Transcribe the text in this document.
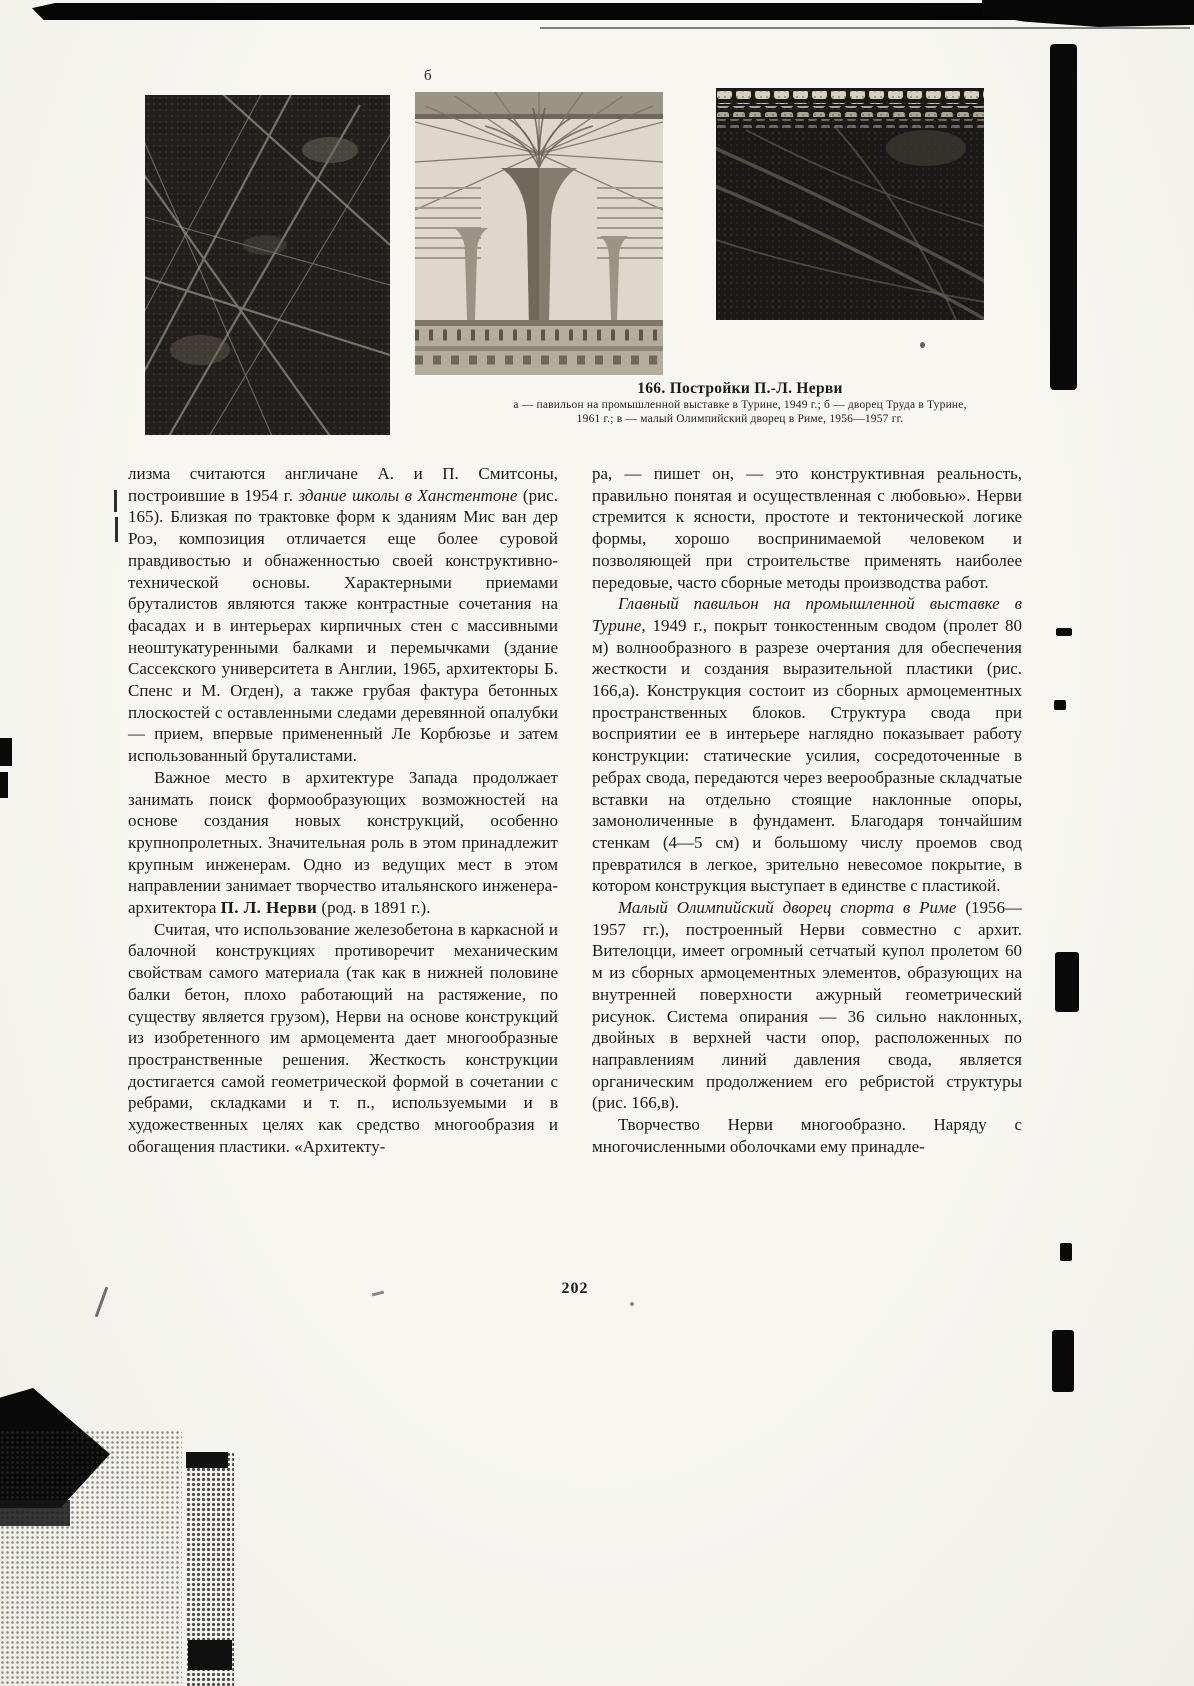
б
166. Постройки П.-Л. Нерви
а — павильон на промышленной выставке в Турине, 1949 г.; б — дворец Труда в Турине,
1961 г.; в — малый Олимпийский дворец в Риме, 1956—1957 гг.

лизма считаются англичане А. и П. Смитсоны, построившие в 1954 г. здание школы в Ханстентоне (рис. 165). Близкая по трактовке форм к зданиям Мис ван дер Роэ, композиция отличается еще более суровой правдивостью и обнаженностью своей конструктивно-технической основы. Характерными приемами бруталистов являются также контрастные сочетания на фасадах и в интерьерах кирпичных стен с массивными неоштукатуренными балками и перемычками (здание Сассекского университета в Англии, 1965, архитекторы Б. Спенс и М. Огден), а также грубая фактура бетонных плоскостей с оставленными следами деревянной опалубки — прием, впервые примененный Ле Корбюзье и затем использованный бруталистами.

Важное место в архитектуре Запада продолжает занимать поиск формообразующих возможностей на основе создания новых конструкций, особенно крупнопролетных. Значительная роль в этом принадлежит крупным инженерам. Одно из ведущих мест в этом направлении занимает творчество итальянского инженера-архитектора П. Л. Нерви (род. в 1891 г.).

Считая, что использование железобетона в каркасной и балочной конструкциях противоречит механическим свойствам самого материала (так как в нижней половине балки бетон, плохо работающий на растяжение, по существу является грузом), Нерви на основе конструкций из изобретенного им армоцемента дает многообразные пространственные решения. Жесткость конструкции достигается самой геометрической формой в сочетании с ребрами, складками и т. п., используемыми и в художественных целях как средство многообразия и обогащения пластики. «Архитекту-

ра, — пишет он, — это конструктивная реальность, правильно понятая и осуществленная с любовью». Нерви стремится к ясности, простоте и тектонической логике формы, хорошо воспринимаемой человеком и позволяющей при строительстве применять наиболее передовые, часто сборные методы производства работ.

Главный павильон на промышленной выставке в Турине, 1949 г., покрыт тонкостенным сводом (пролет 80 м) волнообразного в разрезе очертания для обеспечения жесткости и создания выразительной пластики (рис. 166,а). Конструкция состоит из сборных армоцементных пространственных блоков. Структура свода при восприятии ее в интерьере наглядно показывает работу конструкции: статические усилия, сосредоточенные в ребрах свода, передаются через веерообразные складчатые вставки на отдельно стоящие наклонные опоры, замоноличенные в фундамент. Благодаря тончайшим стенкам (4—5 см) и большому числу проемов свод превратился в легкое, зрительно невесомое покрытие, в котором конструкция выступает в единстве с пластикой.

Малый Олимпийский дворец спорта в Риме (1956—1957 гг.), построенный Нерви совместно с архит. Вителоцци, имеет огромный сетчатый купол пролетом 60 м из сборных армоцементных элементов, образующих на внутренней поверхности ажурный геометрический рисунок. Система опирания — 36 сильно наклонных, двойных в верхней части опор, расположенных по направлениям линий давления свода, является органическим продолжением его ребристой структуры (рис. 166,в).

Творчество Нерви многообразно. Наряду с многочисленными оболочками ему принадле-

202
